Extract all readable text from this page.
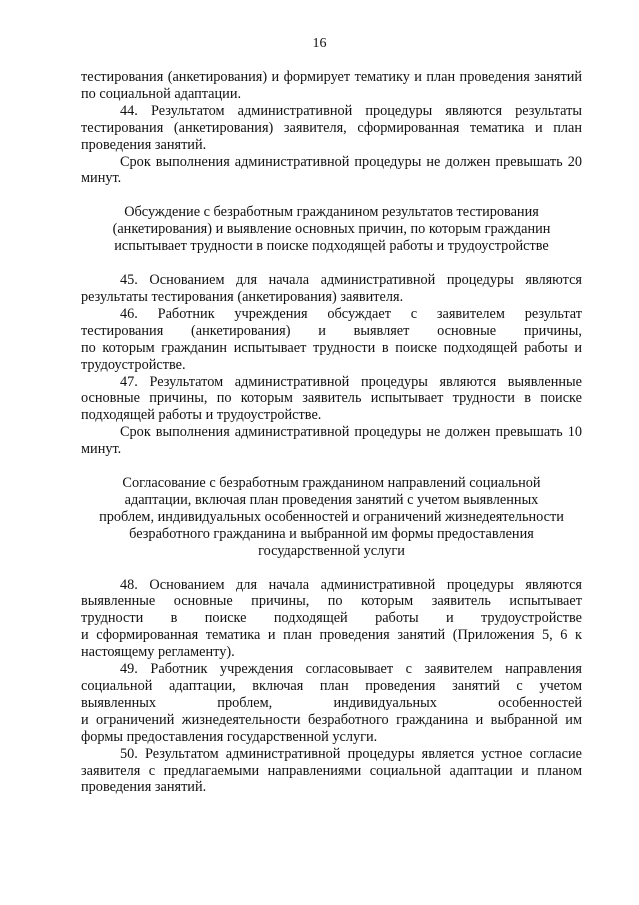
16

тестирования (анкетирования) и формирует тематику и план проведения занятий по социальной адаптации.

44. Результатом административной процедуры являются результаты тестирования (анкетирования) заявителя, сформированная тематика и план проведения занятий.

Срок выполнения административной процедуры не должен превышать 20 минут.

Обсуждение с безработным гражданином результатов тестирования (анкетирования) и выявление основных причин, по которым гражданин испытывает трудности в поиске подходящей работы и трудоустройстве

45. Основанием для начала административной процедуры являются результаты тестирования (анкетирования) заявителя.

46. Работник учреждения обсуждает с заявителем результат

тестирования (анкетирования) и выявляет основные причины,

по которым гражданин испытывает трудности в поиске подходящей работы и трудоустройстве.

47. Результатом административной процедуры являются выявленные основные причины, по которым заявитель испытывает трудности в поиске подходящей работы и трудоустройстве.

Срок выполнения административной процедуры не должен превышать 10 минут.

Согласование с безработным гражданином направлений социальной адаптации, включая план проведения занятий с учетом выявленных проблем, индивидуальных особенностей и ограничений жизнедеятельности безработного гражданина и выбранной им формы предоставления государственной услуги

48. Основанием для начала административной процедуры являются

выявленные основные причины, по которым заявитель испытывает

трудности в поиске подходящей работы и трудоустройстве

и сформированная тематика и план проведения занятий (Приложения 5, 6 к настоящему регламенту).

49. Работник учреждения согласовывает с заявителем направления

социальной адаптации, включая план проведения занятий с учетом

выявленных проблем, индивидуальных особенностей

и ограничений жизнедеятельности безработного гражданина и выбранной им формы предоставления государственной услуги.

50. Результатом административной процедуры является устное согласие заявителя с предлагаемыми направлениями социальной адаптации и планом проведения занятий.
